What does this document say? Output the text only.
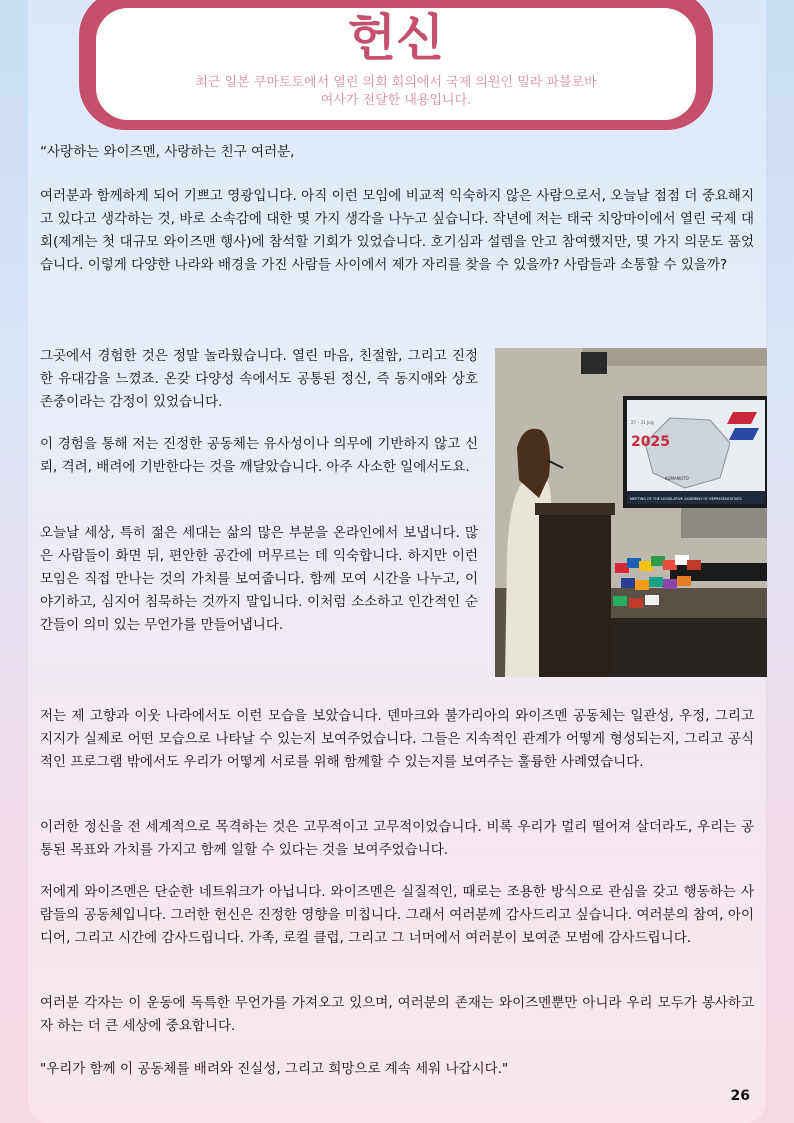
헌신
최근 일본 쿠마토토에서 열린 의회 회의에서 국제 의원인 밀라 파블로바
여사가 전달한 내용입니다.

“사랑하는 와이즈멘, 사랑하는 친구 여러분,

여러분과 함께하게 되어 기쁘고 영광입니다. 아직 이런 모임에 비교적 익숙하지 않은 사람으로서, 오늘날 점점 더 중요해지고 있다고 생각하는 것, 바로 소속감에 대한 몇 가지 생각을 나누고 싶습니다. 작년에 저는 태국 치앙마이에서 열린 국제 대회(제게는 첫 대규모 와이즈맨 행사)에 참석할 기회가 있었습니다. 호기심과 설렘을 안고 참여했지만, 몇 가지 의문도 품었습니다. 이렇게 다양한 나라와 배경을 가진 사람들 사이에서 제가 자리를 찾을 수 있을까? 사람들과 소통할 수 있을까?

그곳에서 경험한 것은 정말 놀라웠습니다. 열린 마음, 친절함, 그리고 진정한 유대감을 느꼈죠. 온갖 다양성 속에서도 공통된 정신, 즉 동지애와 상호 존중이라는 감정이 있었습니다.

이 경험을 통해 저는 진정한 공동체는 유사성이나 의무에 기반하지 않고 신뢰, 격려, 배려에 기반한다는 것을 깨달았습니다. 아주 사소한 일에서도요.

오늘날 세상, 특히 젊은 세대는 삶의 많은 부분을 온라인에서 보냅니다. 많은 사람들이 화면 뒤, 편안한 공간에 머무르는 데 익숙합니다. 하지만 이런 모임은 직접 만나는 것의 가치를 보여줍니다. 함께 모여 시간을 나누고, 이야기하고, 심지어 침묵하는 것까지 말입니다. 이처럼 소소하고 인간적인 순간들이 의미 있는 무언가를 만들어냅니다.

27 – 31 July
2025
KUMAMOTO
MEETING OF THE LEGISLATIVE ASSEMBLY OF REPRESENTATIVES

저는 제 고향과 이웃 나라에서도 이런 모습을 보았습니다. 덴마크와 불가리아의 와이즈멘 공동체는 일관성, 우정, 그리고 지지가 실제로 어떤 모습으로 나타날 수 있는지 보여주었습니다. 그들은 지속적인 관계가 어떻게 형성되는지, 그리고 공식적인 프로그램 밖에서도 우리가 어떻게 서로를 위해 함께할 수 있는지를 보여주는 훌륭한 사례였습니다.

이러한 정신을 전 세계적으로 목격하는 것은 고무적이고 고무적이었습니다. 비록 우리가 멀리 떨어져 살더라도, 우리는 공통된 목표와 가치를 가지고 함께 일할 수 있다는 것을 보여주었습니다.

저에게 와이즈멘은 단순한 네트워크가 아닙니다. 와이즈멘은 실질적인, 때로는 조용한 방식으로 관심을 갖고 행동하는 사람들의 공동체입니다. 그러한 헌신은 진정한 영향을 미칩니다. 그래서 여러분께 감사드리고 싶습니다. 여러분의 참여, 아이디어, 그리고 시간에 감사드립니다. 가족, 로컬 클럽, 그리고 그 너머에서 여러분이 보여준 모범에 감사드립니다.

여러분 각자는 이 운동에 독특한 무언가를 가져오고 있으며, 여러분의 존재는 와이즈멘뿐만 아니라 우리 모두가 봉사하고자 하는 더 큰 세상에 중요합니다.

"우리가 함께 이 공동체를 배려와 진실성, 그리고 희망으로 계속 세워 나갑시다."

26
